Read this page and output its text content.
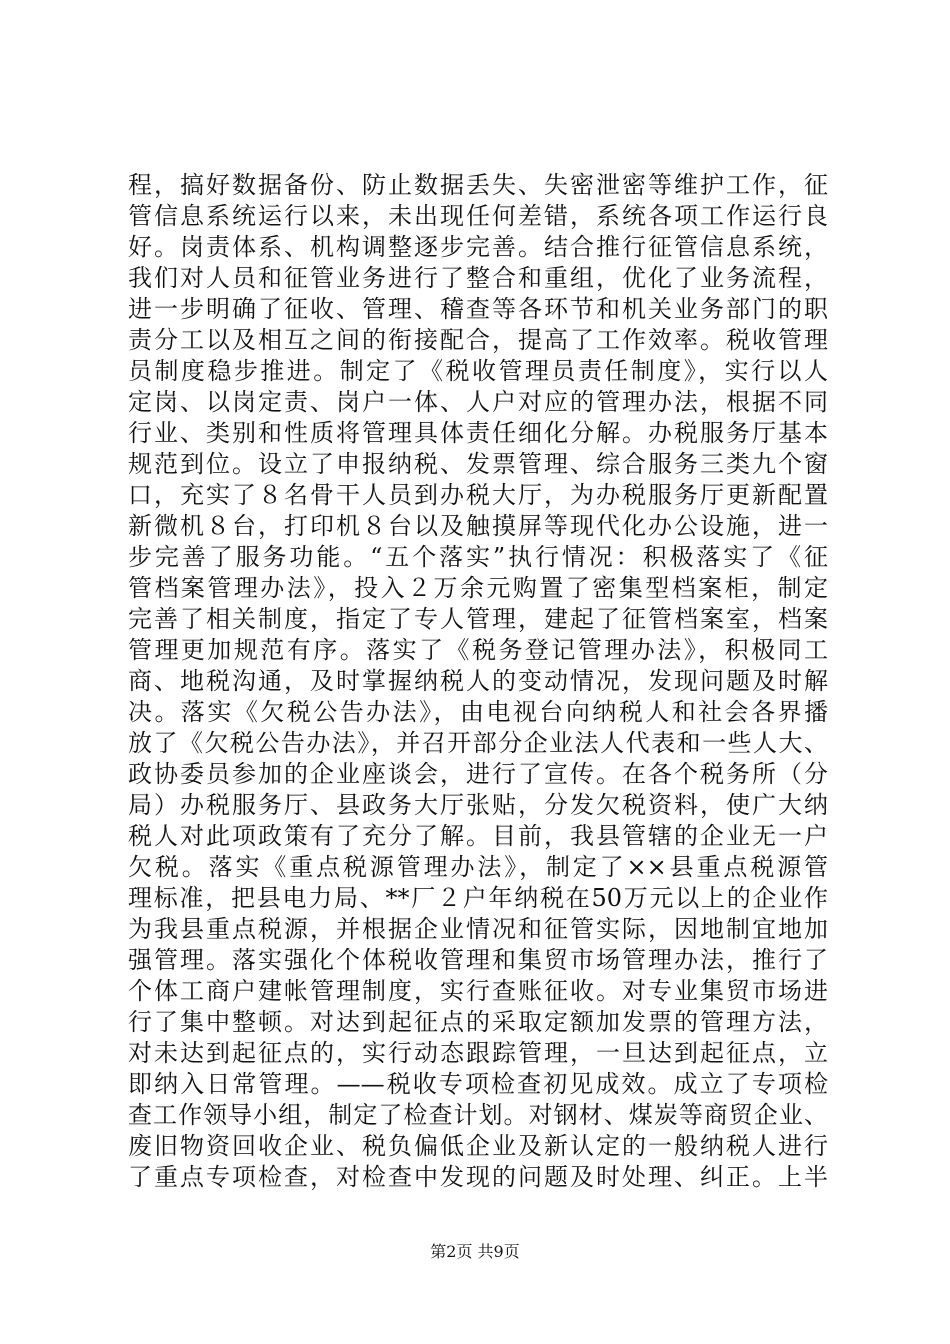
程，搞好数据备份、防止数据丢失、失密泄密等维护工作，征
管信息系统运行以来，未出现任何差错，系统各项工作运行良
好。岗责体系、机构调整逐步完善。结合推行征管信息系统，
我们对人员和征管业务进行了整合和重组，优化了业务流程，
进一步明确了征收、管理、稽查等各环节和机关业务部门的职
责分工以及相互之间的衔接配合，提高了工作效率。税收管理
员制度稳步推进。制定了《税收管理员责任制度》，实行以人
定岗、以岗定责、岗户一体、人户对应的管理办法，根据不同
行业、类别和性质将管理具体责任细化分解。办税服务厅基本
规范到位。设立了申报纳税、发票管理、综合服务三类九个窗
口，充实了８名骨干人员到办税大厅，为办税服务厅更新配置
新微机８台，打印机８台以及触摸屏等现代化办公设施，进一
步完善了服务功能。“五个落实”执行情况：积极落实了《征
管档案管理办法》，投入２万余元购置了密集型档案柜，制定
完善了相关制度，指定了专人管理，建起了征管档案室，档案
管理更加规范有序。落实了《税务登记管理办法》，积极同工
商、地税沟通，及时掌握纳税人的变动情况，发现问题及时解
决。落实《欠税公告办法》，由电视台向纳税人和社会各界播
放了《欠税公告办法》，并召开部分企业法人代表和一些人大、
政协委员参加的企业座谈会，进行了宣传。在各个税务所（分
局）办税服务厅、县政务大厅张贴，分发欠税资料，使广大纳
税人对此项政策有了充分了解。目前，我县管辖的企业无一户
欠税。落实《重点税源管理办法》，制定了××县重点税源管
理标准，把县电力局、**厂２户年纳税在50万元以上的企业作
为我县重点税源，并根据企业情况和征管实际，因地制宜地加
强管理。落实强化个体税收管理和集贸市场管理办法，推行了
个体工商户建帐管理制度，实行查账征收。对专业集贸市场进
行了集中整顿。对达到起征点的采取定额加发票的管理方法，
对未达到起征点的，实行动态跟踪管理，一旦达到起征点，立
即纳入日常管理。——税收专项检查初见成效。成立了专项检
查工作领导小组，制定了检查计划。对钢材、煤炭等商贸企业、
废旧物资回收企业、税负偏低企业及新认定的一般纳税人进行
了重点专项检查，对检查中发现的问题及时处理、纠正。上半
第2页 共9页
